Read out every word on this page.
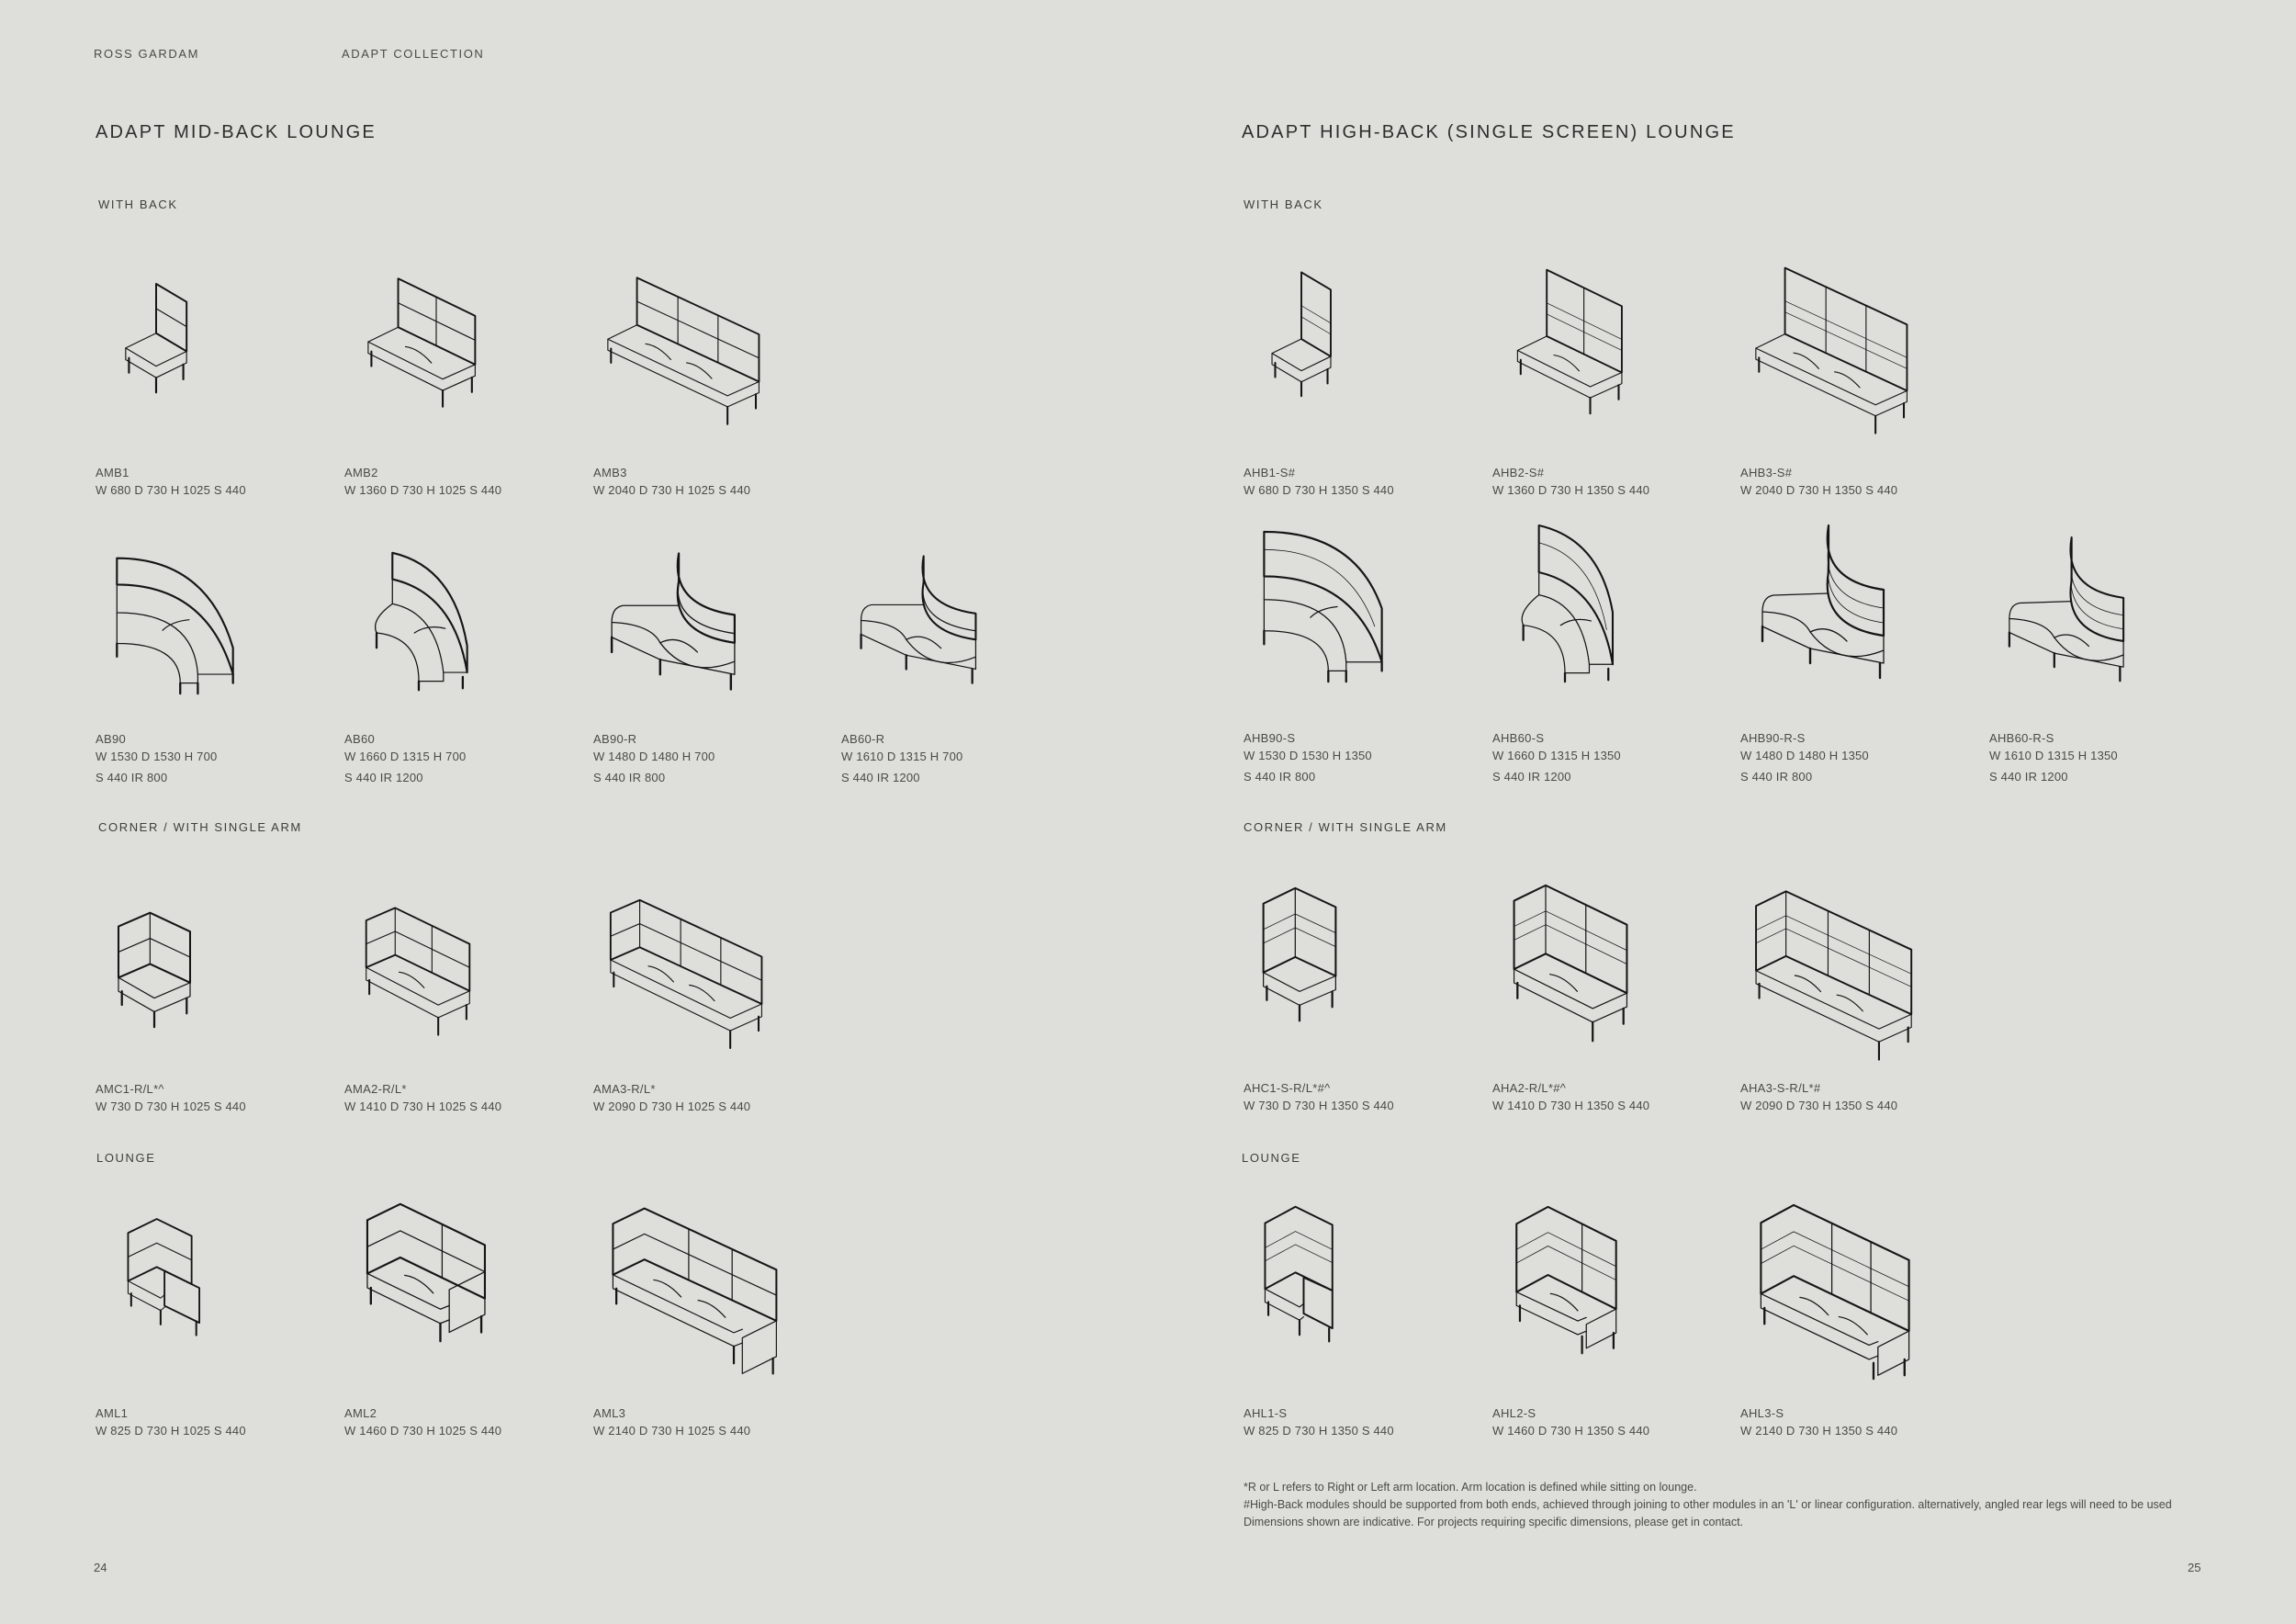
ROSS GARDAM	ADAPT COLLECTION
ADAPT MID-BACK LOUNGE	ADAPT HIGH-BACK (SINGLE SCREEN) LOUNGE
WITH BACK
CORNER / WITH SINGLE ARM
LOUNGE
WITH BACK
CORNER / WITH SINGLE ARM
LOUNGE
AMB1
W 680 D 730 H 1025 S 440
AMB2
W 1360 D 730 H 1025 S 440
AMB3
W 2040 D 730 H 1025 S 440
AB90
W 1530 D 1530 H 700
S 440 IR 800
AB60
W 1660 D 1315 H 700
S 440 IR 1200
AB90-R
W 1480 D 1480 H 700
S 440 IR 800
AB60-R
W 1610 D 1315 H 700
S 440 IR 1200
AMC1-R/L*^
W 730 D 730 H 1025 S 440
AMA2-R/L*
W 1410 D 730 H 1025 S 440
AMA3-R/L*
W 2090 D 730 H 1025 S 440
AML1
W 825 D 730 H 1025 S 440
AML2
W 1460 D 730 H 1025 S 440
AML3
W 2140 D 730 H 1025 S 440
AHB1-S#
W 680 D 730 H 1350 S 440
AHB2-S#
W 1360 D 730 H 1350 S 440
AHB3-S#
W 2040 D 730 H 1350 S 440
AHB90-S
W 1530 D 1530 H 1350
S 440 IR 800
AHB60-S
W 1660 D 1315 H 1350
S 440 IR 1200
AHB90-R-S
W 1480 D 1480 H 1350
S 440 IR 800
AHB60-R-S
W 1610 D 1315 H 1350
S 440 IR 1200
AHC1-S-R/L*#^
W 730 D 730 H 1350 S 440
AHA2-R/L*#^
W 1410 D 730 H 1350 S 440
AHA3-S-R/L*#
W 2090 D 730 H 1350 S 440
AHL1-S
W 825 D 730 H 1350 S 440
AHL2-S
W 1460 D 730 H 1350 S 440
AHL3-S
W 2140 D 730 H 1350 S 440
*R or L refers to Right or Left arm location. Arm location is defined while sitting on lounge.
#High-Back modules should be supported from both ends, achieved through joining to other modules in an 'L' or linear configuration. alternatively, angled rear legs will need to be used
Dimensions shown are indicative. For projects requiring specific dimensions, please get in contact.
24	25
